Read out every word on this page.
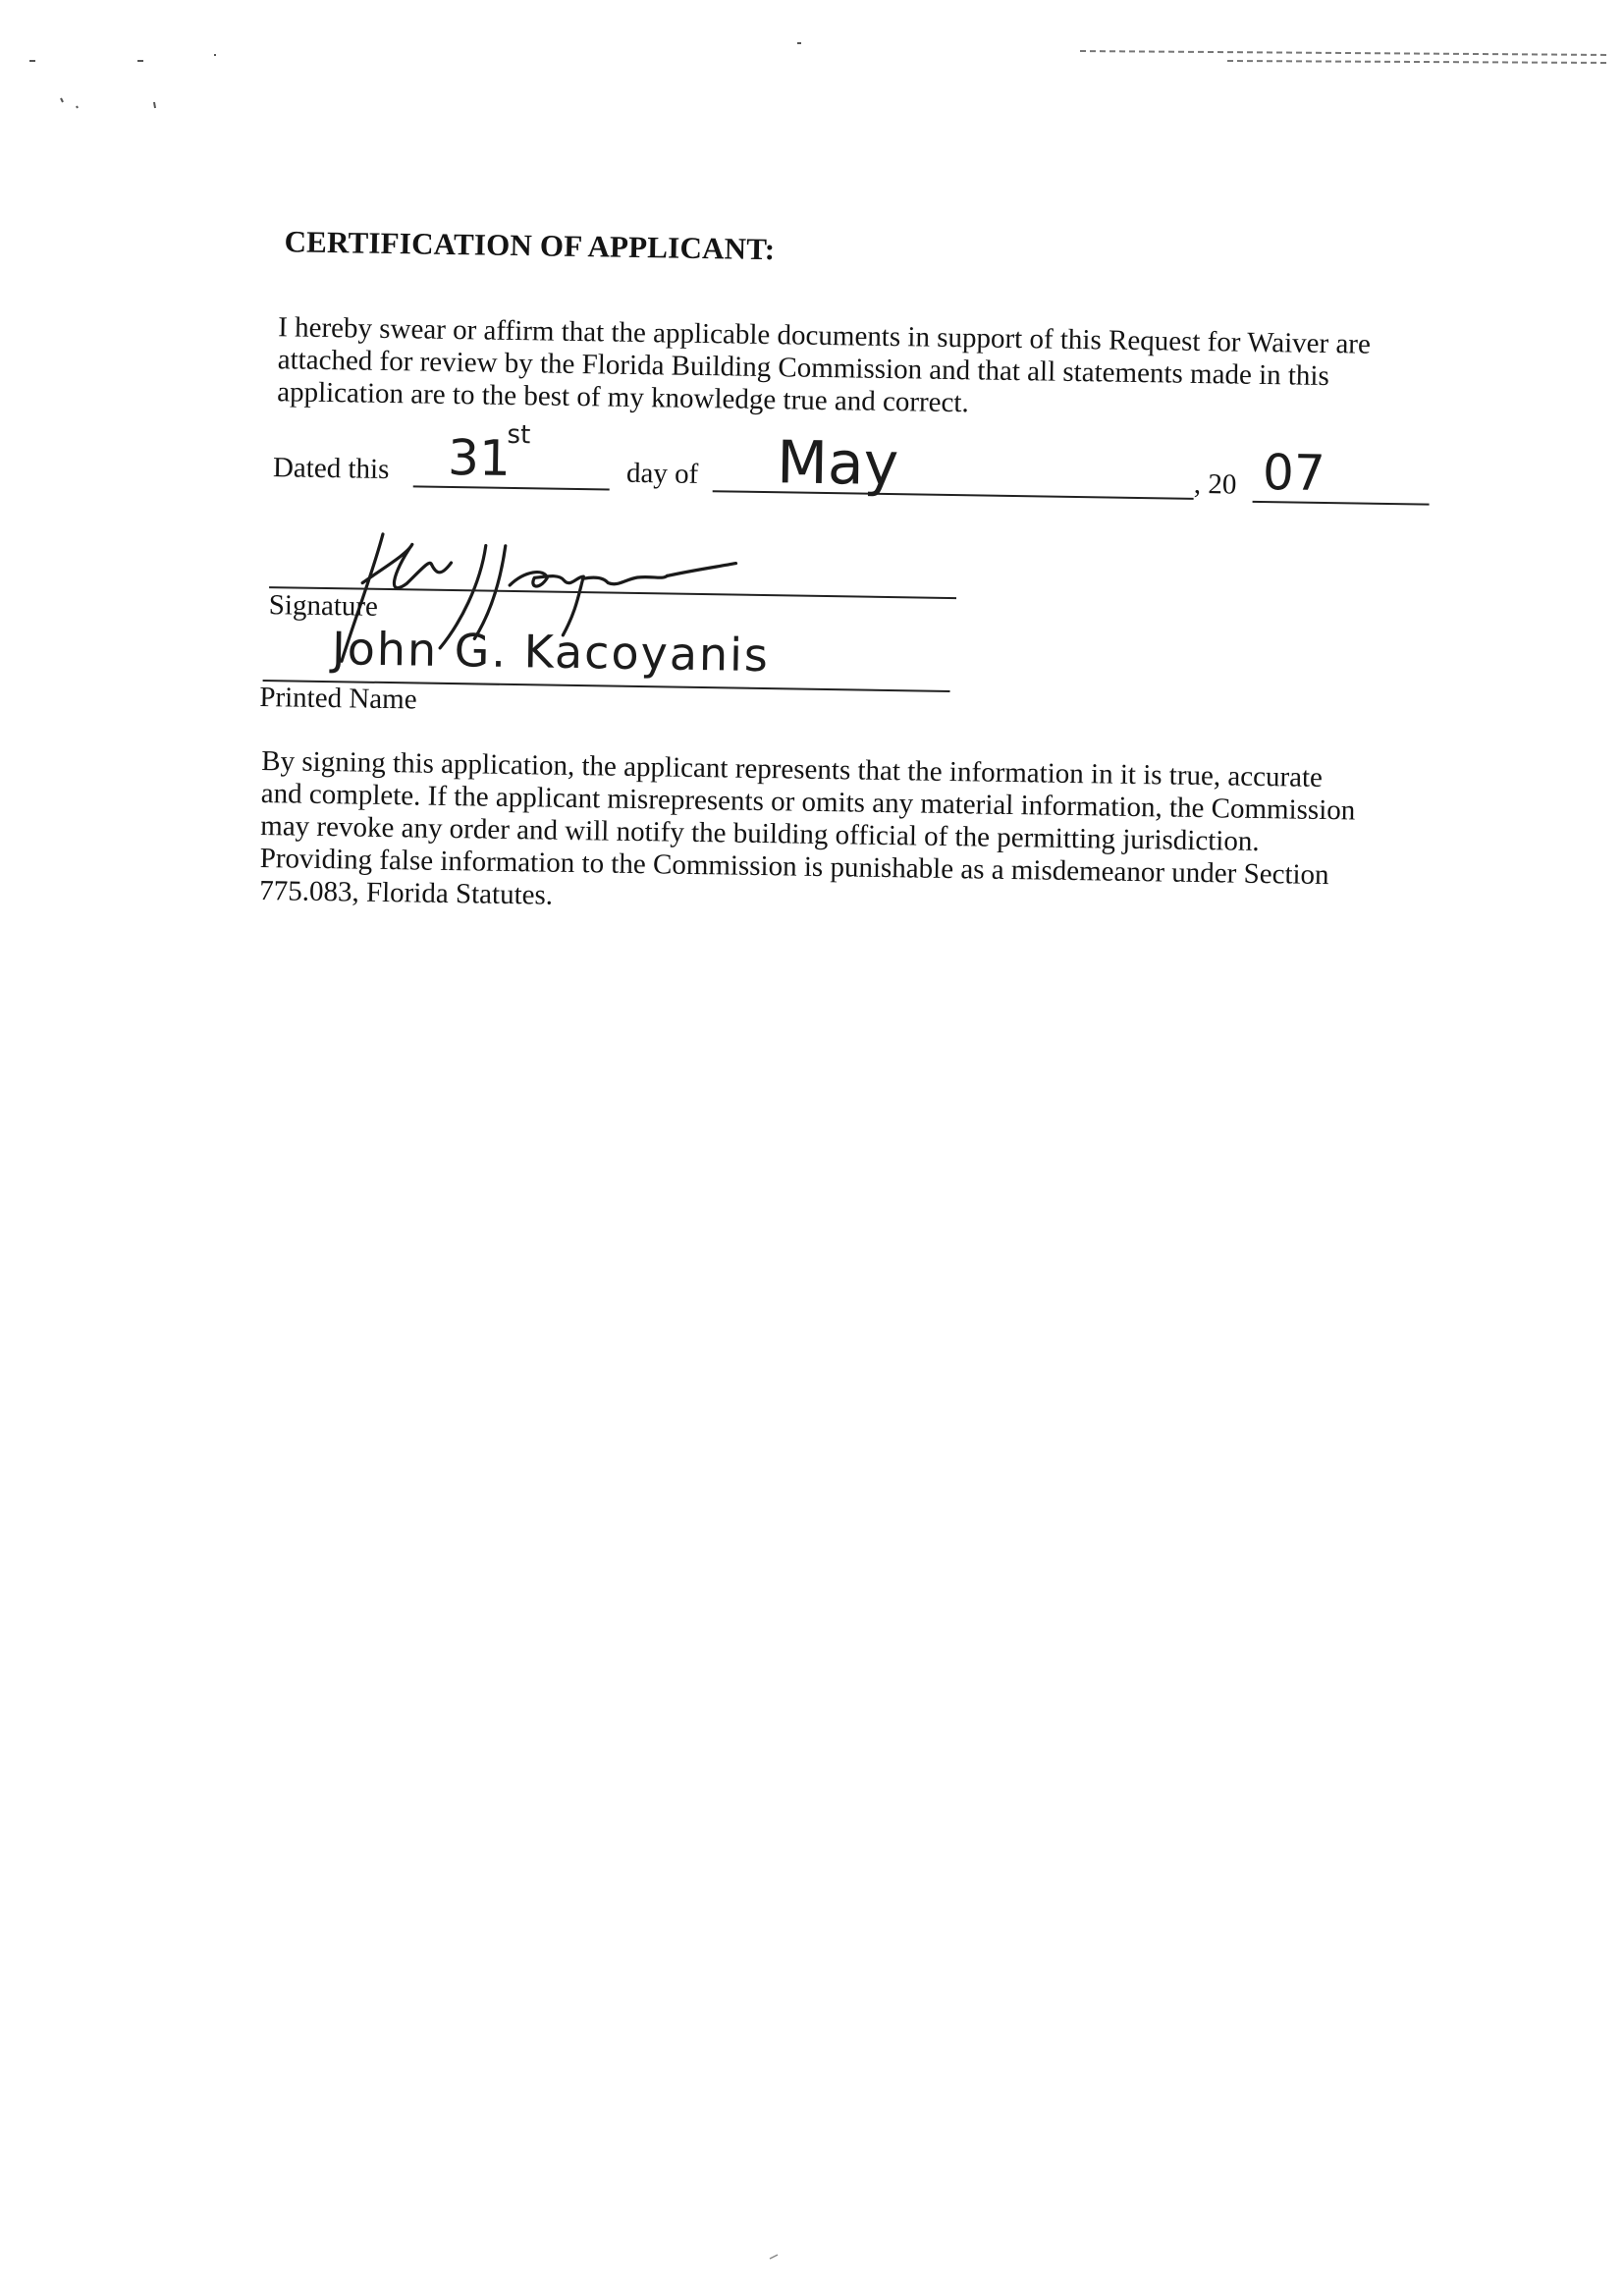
CERTIFICATION OF APPLICANT:

I hereby swear or affirm that the applicable documents in support of this Request for Waiver are attached for review by the Florida Building Commission and that all statements made in this application are to the best of my knowledge true and correct.

Dated this 31
st
day of May	, 20 07
Signature
John G. Kacoyanis
Printed Name

By signing this application, the applicant represents that the information in it is true, accurate and complete. If the applicant misrepresents or omits any material information, the Commission may revoke any order and will notify the building official of the permitting jurisdiction. Providing false information to the Commission is punishable as a misdemeanor under Section 775.083, Florida Statutes.
